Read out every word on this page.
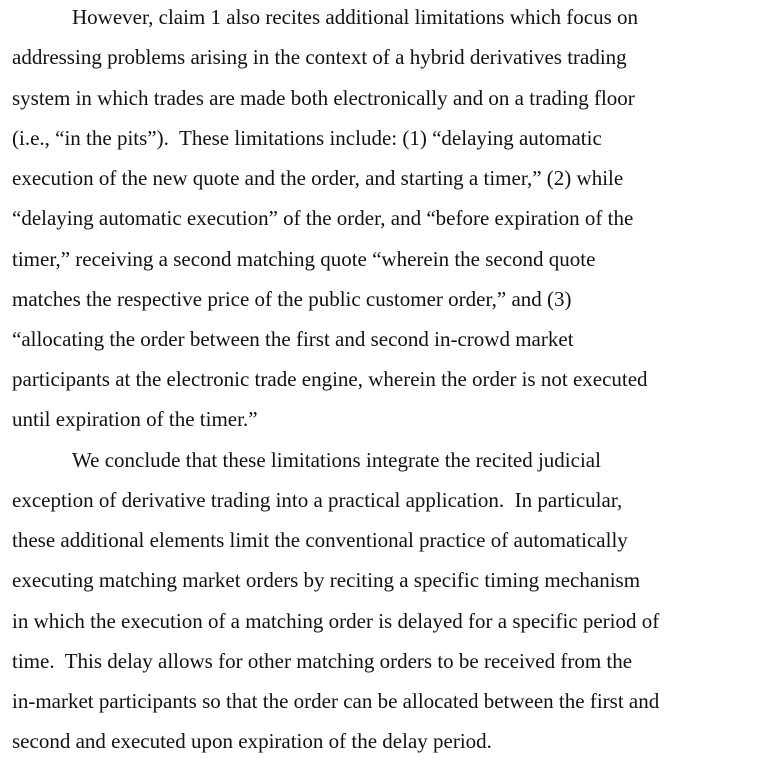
However, claim 1 also recites additional limitations which focus on
addressing problems arising in the context of a hybrid derivatives trading
system in which trades are made both electronically and on a trading floor
(i.e., “in the pits”).  These limitations include: (1) “delaying automatic
execution of the new quote and the order, and starting a timer,” (2) while
“delaying automatic execution” of the order, and “before expiration of the
timer,” receiving a second matching quote “wherein the second quote
matches the respective price of the public customer order,” and (3)
“allocating the order between the first and second in-crowd market
participants at the electronic trade engine, wherein the order is not executed
until expiration of the timer.”
We conclude that these limitations integrate the recited judicial
exception of derivative trading into a practical application.  In particular,
these additional elements limit the conventional practice of automatically
executing matching market orders by reciting a specific timing mechanism
in which the execution of a matching order is delayed for a specific period of
time.  This delay allows for other matching orders to be received from the
in-market participants so that the order can be allocated between the first and
second and executed upon expiration of the delay period.
